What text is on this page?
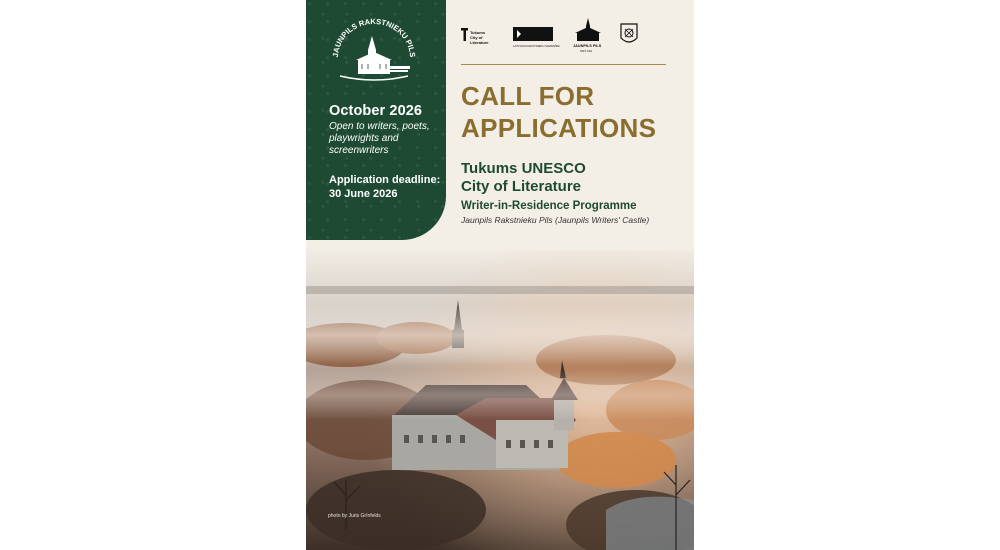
JAUNPILS RAKSTNIEKU PILS
October 2026
Open to writers, poets, playwrights and screenwriters
Application deadline:
30 June 2026
Tukums
City of
Literature
LATVIJAS RAKSTNIEKU SAVIENĪBA	JAUNPILS PILS
NATĀ 1301
CALL FOR
APPLICATIONS
Tukums UNESCO
City of Literature
Writer-in-Residence Programme
Jaunpils Rakstnieku Pils (Jaunpils Writers' Castle)
photo by Juris Grīnfelds
